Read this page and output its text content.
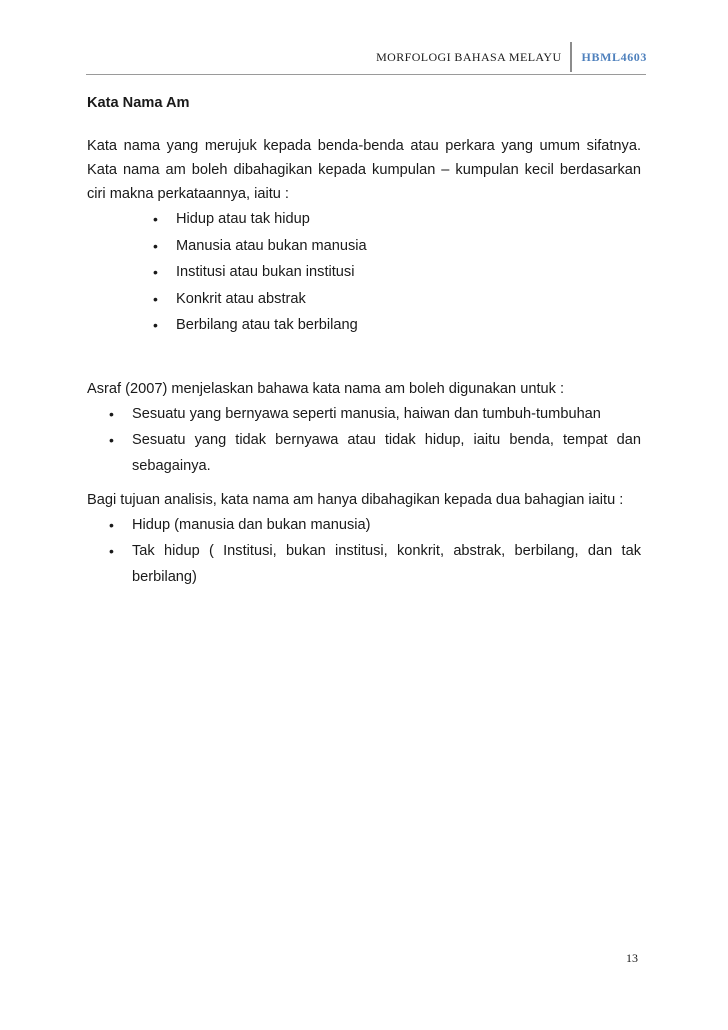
MORFOLOGI BAHASA MELAYU	HBML4603

Kata Nama Am

Kata nama yang merujuk kepada benda-benda atau perkara yang umum sifatnya. Kata nama am boleh dibahagikan kepada kumpulan – kumpulan kecil berdasarkan ciri makna perkataannya, iaitu :

• Hidup atau tak hidup
• Manusia atau bukan manusia
• Institusi atau bukan institusi
• Konkrit atau abstrak
• Berbilang atau tak berbilang

Asraf (2007) menjelaskan bahawa kata nama am boleh digunakan untuk :

• Sesuatu yang bernyawa seperti manusia, haiwan dan tumbuh-tumbuhan
• Sesuatu yang tidak bernyawa atau tidak hidup, iaitu benda, tempat dan sebagainya.

Bagi tujuan analisis, kata nama am hanya dibahagikan kepada dua bahagian iaitu :

• Hidup (manusia dan bukan manusia)
• Tak hidup ( Institusi, bukan institusi, konkrit, abstrak, berbilang, dan tak berbilang)
13
